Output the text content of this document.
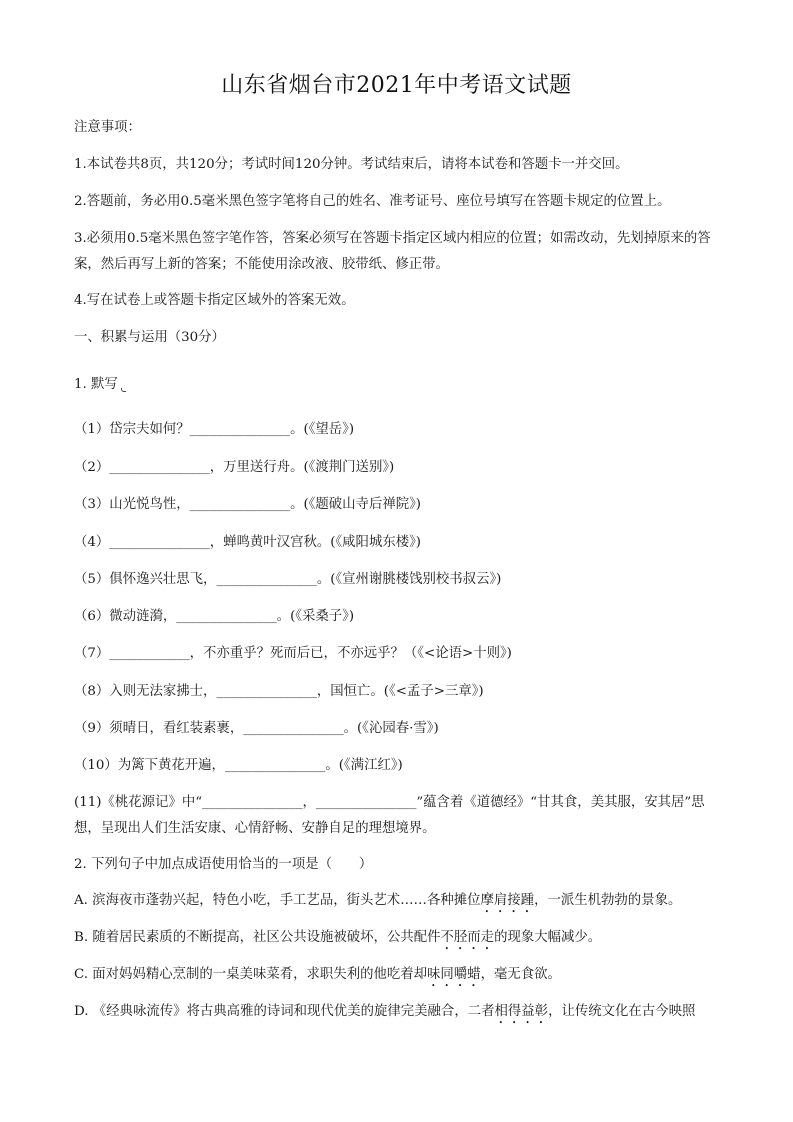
山东省烟台市2021年中考语文试题
注意事项：
1.本试卷共8页，共120分；考试时间120分钟。考试结束后，请将本试卷和答题卡一并交回。
2.答题前，务必用0.5毫米黑色签字笔将自己的姓名、准考证号、座位号填写在答题卡规定的位置上。
3.必须用0.5毫米黑色签字笔作答，答案必须写在答题卡指定区域内相应的位置；如需改动，先划掉原来的答案，然后再写上新的答案；不能使用涂改液、胶带纸、修正带。
4.写在试卷上或答题卡指定区域外的答案无效。
一、积累与运用（30分）
1. 默写
（1）岱宗夫如何？_______________。(《望岳》)
（2）_______________，万里送行舟。(《渡荆门送别》)
（3）山光悦鸟性，_______________。(《题破山寺后禅院》)
（4）_______________，蝉鸣黄叶汉宫秋。(《咸阳城东楼》)
（5）俱怀逸兴壮思飞，_______________。(《宣州谢朓楼饯别校书叔云》)
（6）微动涟漪，_______________。(《采桑子》)
（7）____________，不亦重乎？死而后已，不亦远乎？（《<论语>十则》)
（8）入则无法家拂士，_______________，国恒亡。(《<孟子>三章》)
（9）须晴日，看红装素裹，_______________。(《沁园春·雪》)
（10）为篱下黄花开遍，_______________。(《满江红》)
(11)《桃花源记》中“_______________，_______________”蕴含着《道德经》“甘其食，美其服，安其居”思想，呈现出人们生活安康、心情舒畅、安静自足的理想境界。
2. 下列句子中加点成语使用恰当的一项是（　　）
A. 滨海夜市蓬勃兴起，特色小吃，手工艺品，街头艺术……各种摊位摩肩接踵，一派生机勃勃的景象。
B. 随着居民素质的不断提高，社区公共设施被破坏，公共配件不胫而走的现象大幅减少。
C. 面对妈妈精心烹制的一桌美味菜肴，求职失利的他吃着却味同嚼蜡，毫无食欲。
D. 《经典咏流传》将古典高雅的诗词和现代优美的旋律完美融合，二者相得益彰，让传统文化在古今映照
